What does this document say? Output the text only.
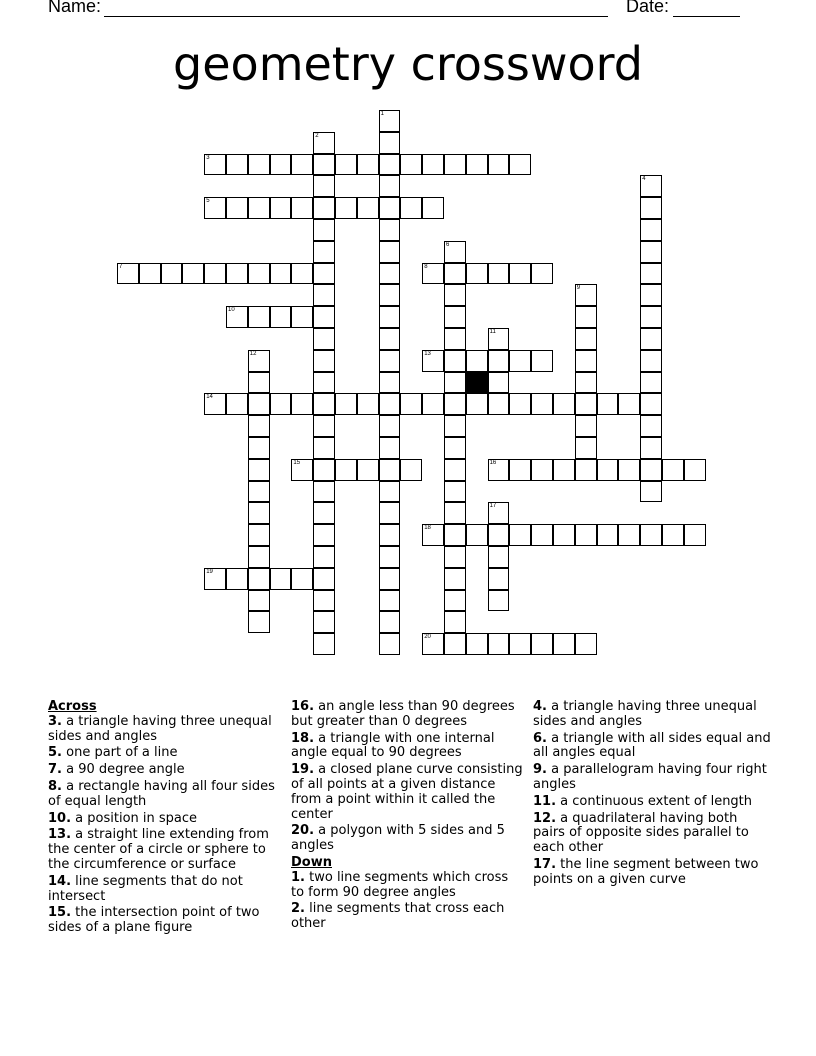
Name:	Date:
geometry crossword
1
2
3
4
5
6
7	8
9
10
11
12	13
14
15	16
17
18
19
20
Across
3. a triangle having three unequal sides and angles
5. one part of a line
7. a 90 degree angle
8. a rectangle having all four sides of equal length
10. a position in space
13. a straight line extending from the center of a circle or sphere to the circumference or surface
14. line segments that do not intersect
15. the intersection point of two sides of a plane figure
16. an angle less than 90 degrees but greater than 0 degrees
18. a triangle with one internal angle equal to 90 degrees
19. a closed plane curve consisting of all points at a given distance from a point within it called the center
20. a polygon with 5 sides and 5 angles
Down
1. two line segments which cross to form 90 degree angles
2. line segments that cross each other
4. a triangle having three unequal sides and angles
6. a triangle with all sides equal and all angles equal
9. a parallelogram having four right angles
11. a continuous extent of length
12. a quadrilateral having both pairs of opposite sides parallel to each other
17. the line segment between two points on a given curve
